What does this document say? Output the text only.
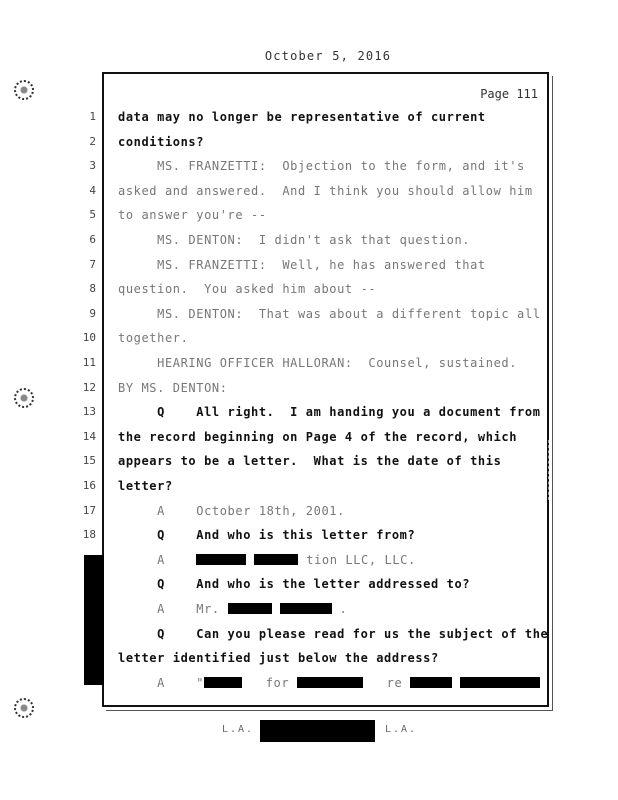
October 5, 2016
Page 111
1 data may no longer be representative of current
2 conditions?
3 MS. FRANZETTI:  Objection to the form, and it's
4 asked and answered.  And I think you should allow him
5 to answer you're --
6 MS. DENTON:  I didn't ask that question.
7 MS. FRANZETTI:  Well, he has answered that
8 question.  You asked him about --
9 MS. DENTON:  That was about a different topic all
10 together.
11 HEARING OFFICER HALLORAN:  Counsel, sustained.
12 BY MS. DENTON:
13 Q    All right.  I am handing you a document from
14 the record beginning on Page 4 of the record, which
15 appears to be a letter.  What is the date of this
16 letter?
17 A    October 18th, 2001.
18 Q    And who is this letter from?
A	tion LLC, LLC.
Q    And who is the letter addressed to?
A    Mr.	.
Q    Can you please read for us the subject of the
letter identified just below the address?
A    "	for	re
L.A.	L.A.
